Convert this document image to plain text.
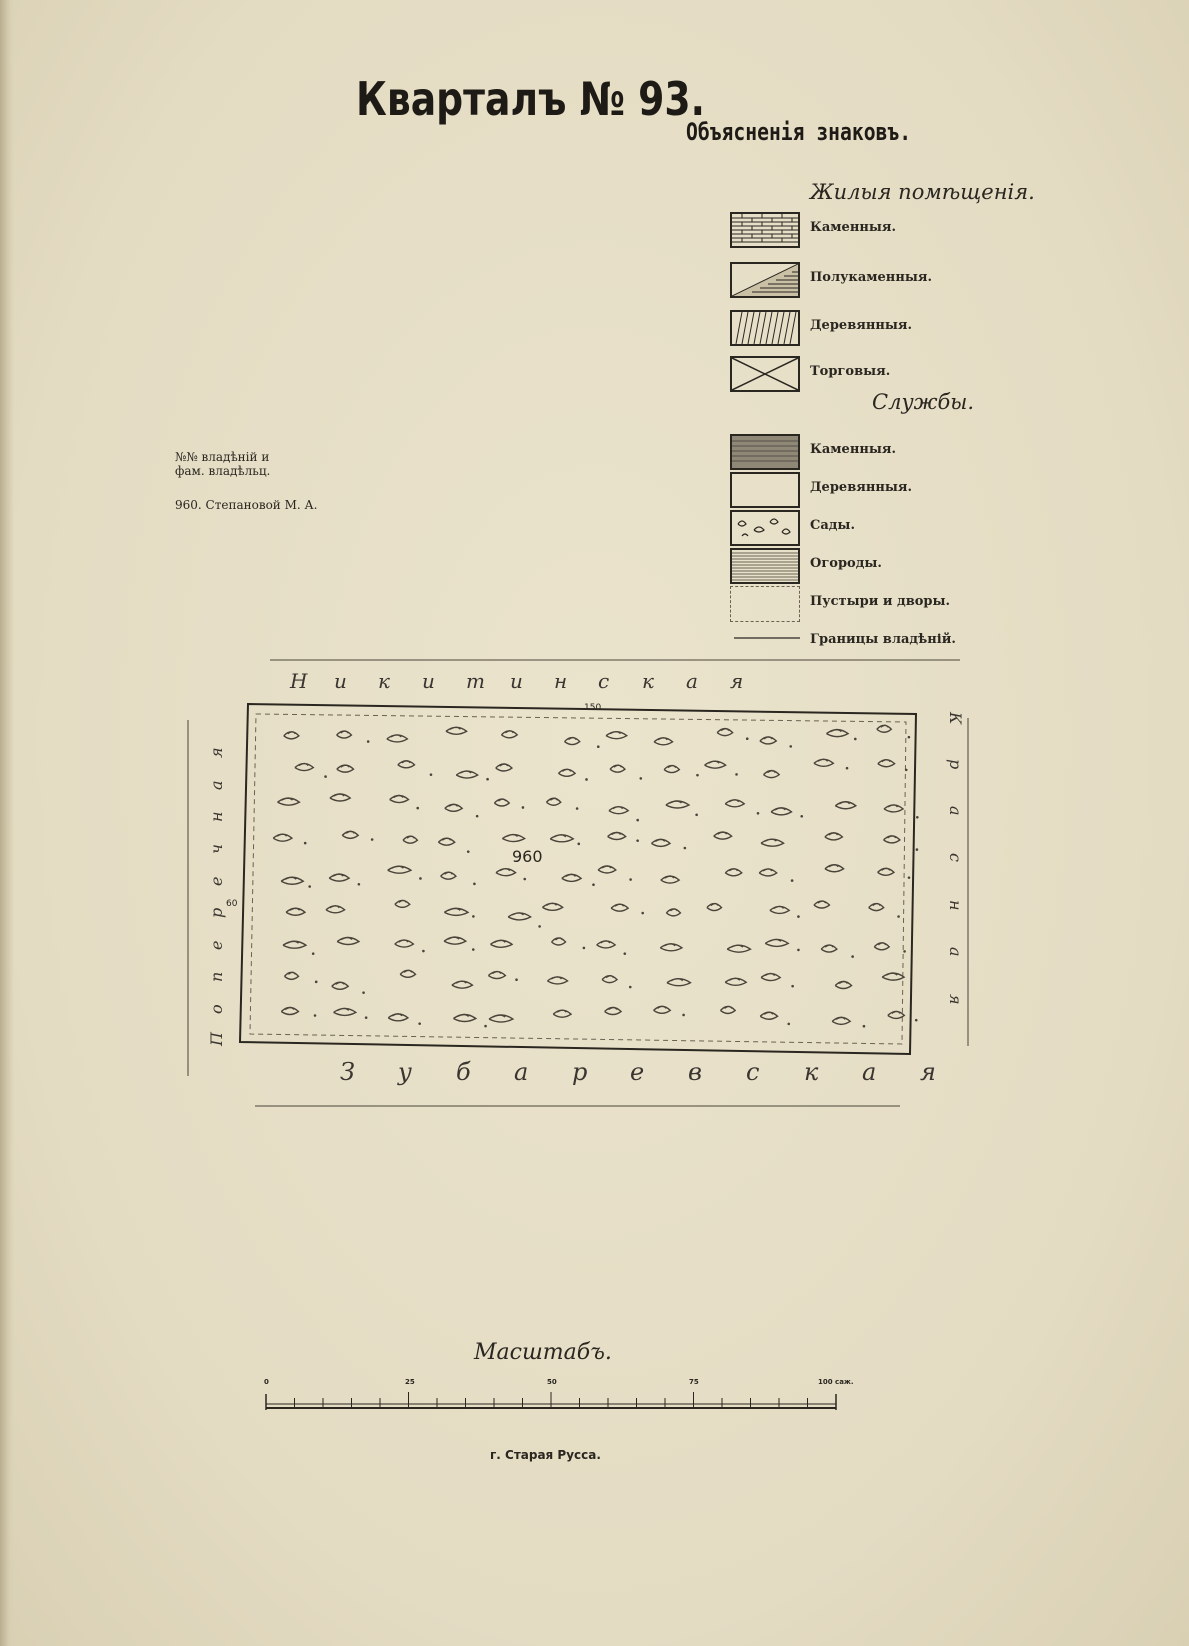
Кварталъ № 93.
Объясненія знаковъ.
Жилыя помѣщенія.
Каменныя.
Полукаменныя.
Деревянныя.
Торговыя.
Службы.
Каменныя.
Деревянныя.
Сады.
Огороды.
Пустыри и дворы.
Границы владѣній.
№№ владѣній и
фам. владѣльц.
960. Степановой М. А.
960
150
60
Н и к и т и н с к а я
З у б а р е в с к а я
П
о
п
е
р
е
ч
н
а
я
К
р
а
с
н
а
я
0	25	50	75	100 саж.
Масштабъ.
г. Старая Русса.
